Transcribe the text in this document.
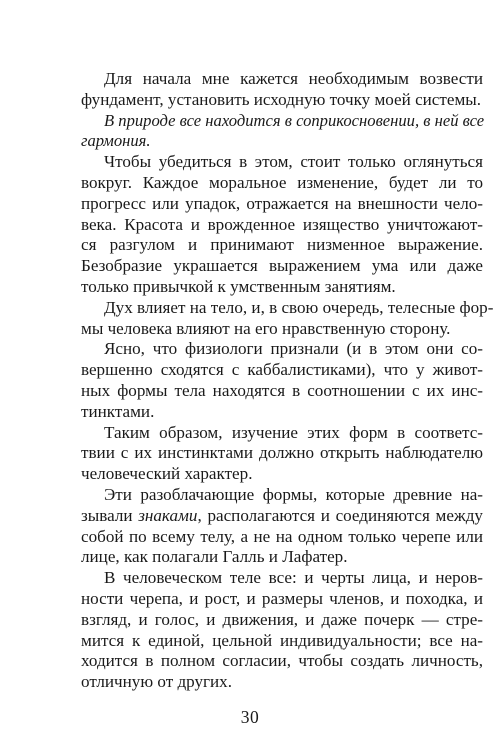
Для начала мне кажется необходимым возвести
фундамент, установить исходную точку моей системы.

В природе все находится в соприкосновении, в ней все
гармония.

Чтобы убедиться в этом, стоит только оглянуться
вокруг. Каждое моральное изменение, будет ли то
прогресс или упадок, отражается на внешности чело-
века. Красота и врожденное изящество уничтожают-
ся разгулом и принимают низменное выражение.
Безобразие украшается выражением ума или даже
только привычкой к умственным занятиям.

Дух влияет на тело, и, в свою очередь, телесные фор-
мы человека влияют на его нравственную сторону.

Ясно, что физиологи признали (и в этом они со-
вершенно сходятся с каббалистиками), что у живот-
ных формы тела находятся в соотношении с их инс-
тинктами.

Таким образом, изучение этих форм в соответс-
твии с их инстинктами должно открыть наблюдателю
человеческий характер.

Эти разоблачающие формы, которые древние на-
зывали знаками, располагаются и соединяются между
собой по всему телу, а не на одном только черепе или
лице, как полагали Галль и Лафатер.

В человеческом теле все: и черты лица, и неров-
ности черепа, и рост, и размеры членов, и походка, и
взгляд, и голос, и движения, и даже почерк — стре-
мится к единой, цельной индивидуальности; все на-
ходится в полном согласии, чтобы создать личность,
отличную от других.

30
